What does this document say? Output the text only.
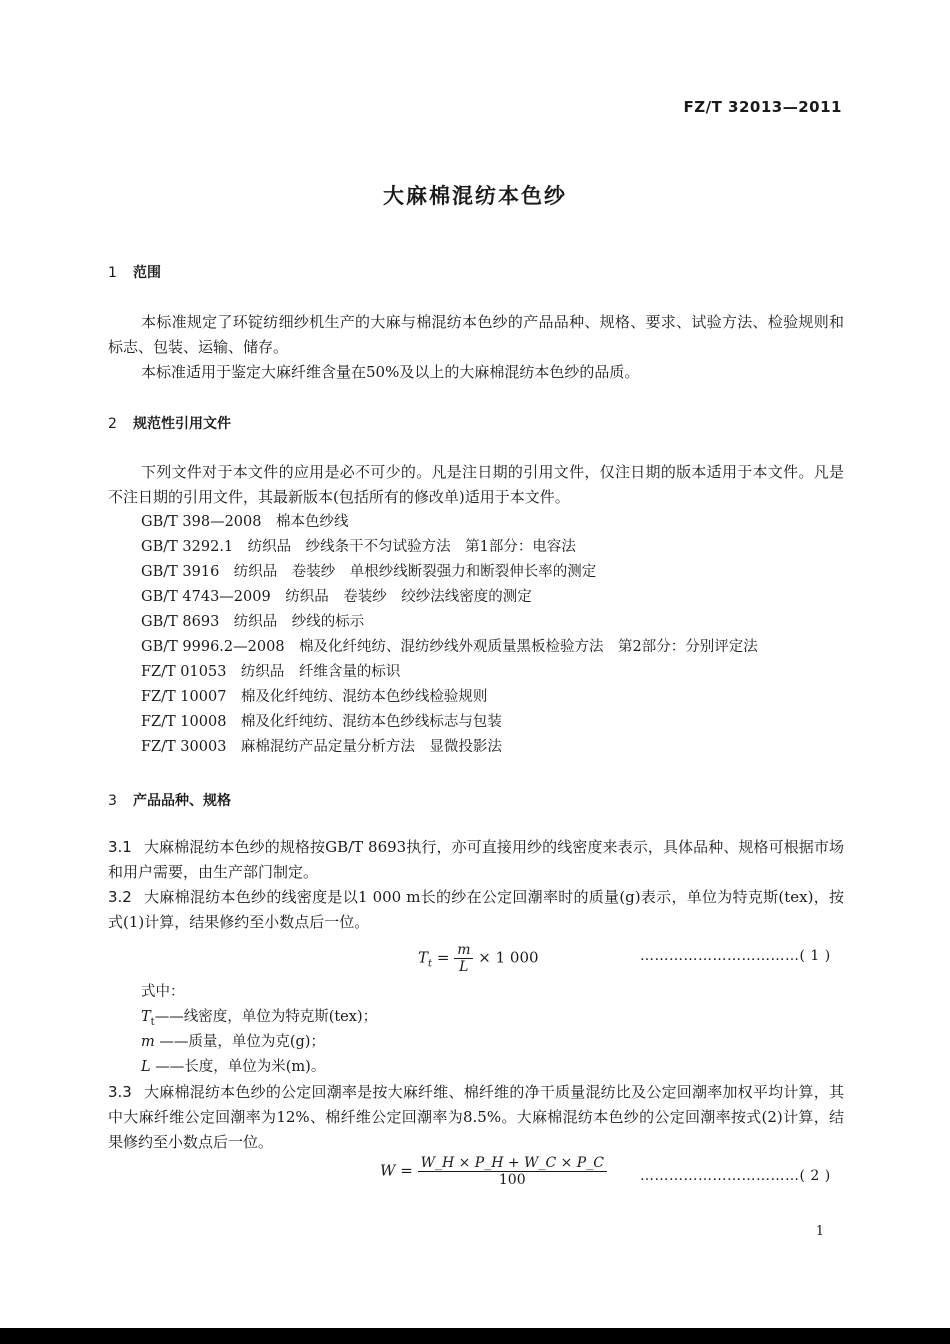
FZ/T 32013—2011
大麻棉混纺本色纱
1 范围
本标准规定了环锭纺细纱机生产的大麻与棉混纺本色纱的产品品种、规格、要求、试验方法、检验规则和标志、包装、运输、储存。
本标准适用于鉴定大麻纤维含量在50%及以上的大麻棉混纺本色纱的品质。
2 规范性引用文件
下列文件对于本文件的应用是必不可少的。凡是注日期的引用文件，仅注日期的版本适用于本文件。凡是不注日期的引用文件，其最新版本(包括所有的修改单)适用于本文件。
GB/T 398—2008　棉本色纱线
GB/T 3292.1　纺织品　纱线条干不匀试验方法　第1部分：电容法
GB/T 3916　纺织品　卷装纱　单根纱线断裂强力和断裂伸长率的测定
GB/T 4743—2009　纺织品　卷装纱　绞纱法线密度的测定
GB/T 8693　纺织品　纱线的标示
GB/T 9996.2—2008　棉及化纤纯纺、混纺纱线外观质量黑板检验方法　第2部分：分别评定法
FZ/T 01053　纺织品　纤维含量的标识
FZ/T 10007　棉及化纤纯纺、混纺本色纱线检验规则
FZ/T 10008　棉及化纤纯纺、混纺本色纱线标志与包装
FZ/T 30003　麻棉混纺产品定量分析方法　显微投影法
3 产品品种、规格
3.1 大麻棉混纺本色纱的规格按GB/T 8693执行，亦可直接用纱的线密度来表示，具体品种、规格可根据市场和用户需要，由生产部门制定。
3.2 大麻棉混纺本色纱的线密度是以1 000 m长的纱在公定回潮率时的质量(g)表示，单位为特克斯(tex)，按式(1)计算，结果修约至小数点后一位。
$T_t = \frac{m}{L} \times 1$ 000	……………………………( 1 )
式中：
$T_t——$线密度，单位为特克斯(tex)；
m ——质量，单位为克(g)；
L ——长度，单位为米(m)。
3.3 大麻棉混纺本色纱的公定回潮率是按大麻纤维、棉纤维的净干质量混纺比及公定回潮率加权平均计算，其中大麻纤维公定回潮率为12%、棉纤维公定回潮率为8.5%。大麻棉混纺本色纱的公定回潮率按式(2)计算，结果修约至小数点后一位。
$W = \frac{W\_H \times P\_H + W\_C \times P\_C}{100}$ ……………………………( 2 )
1
